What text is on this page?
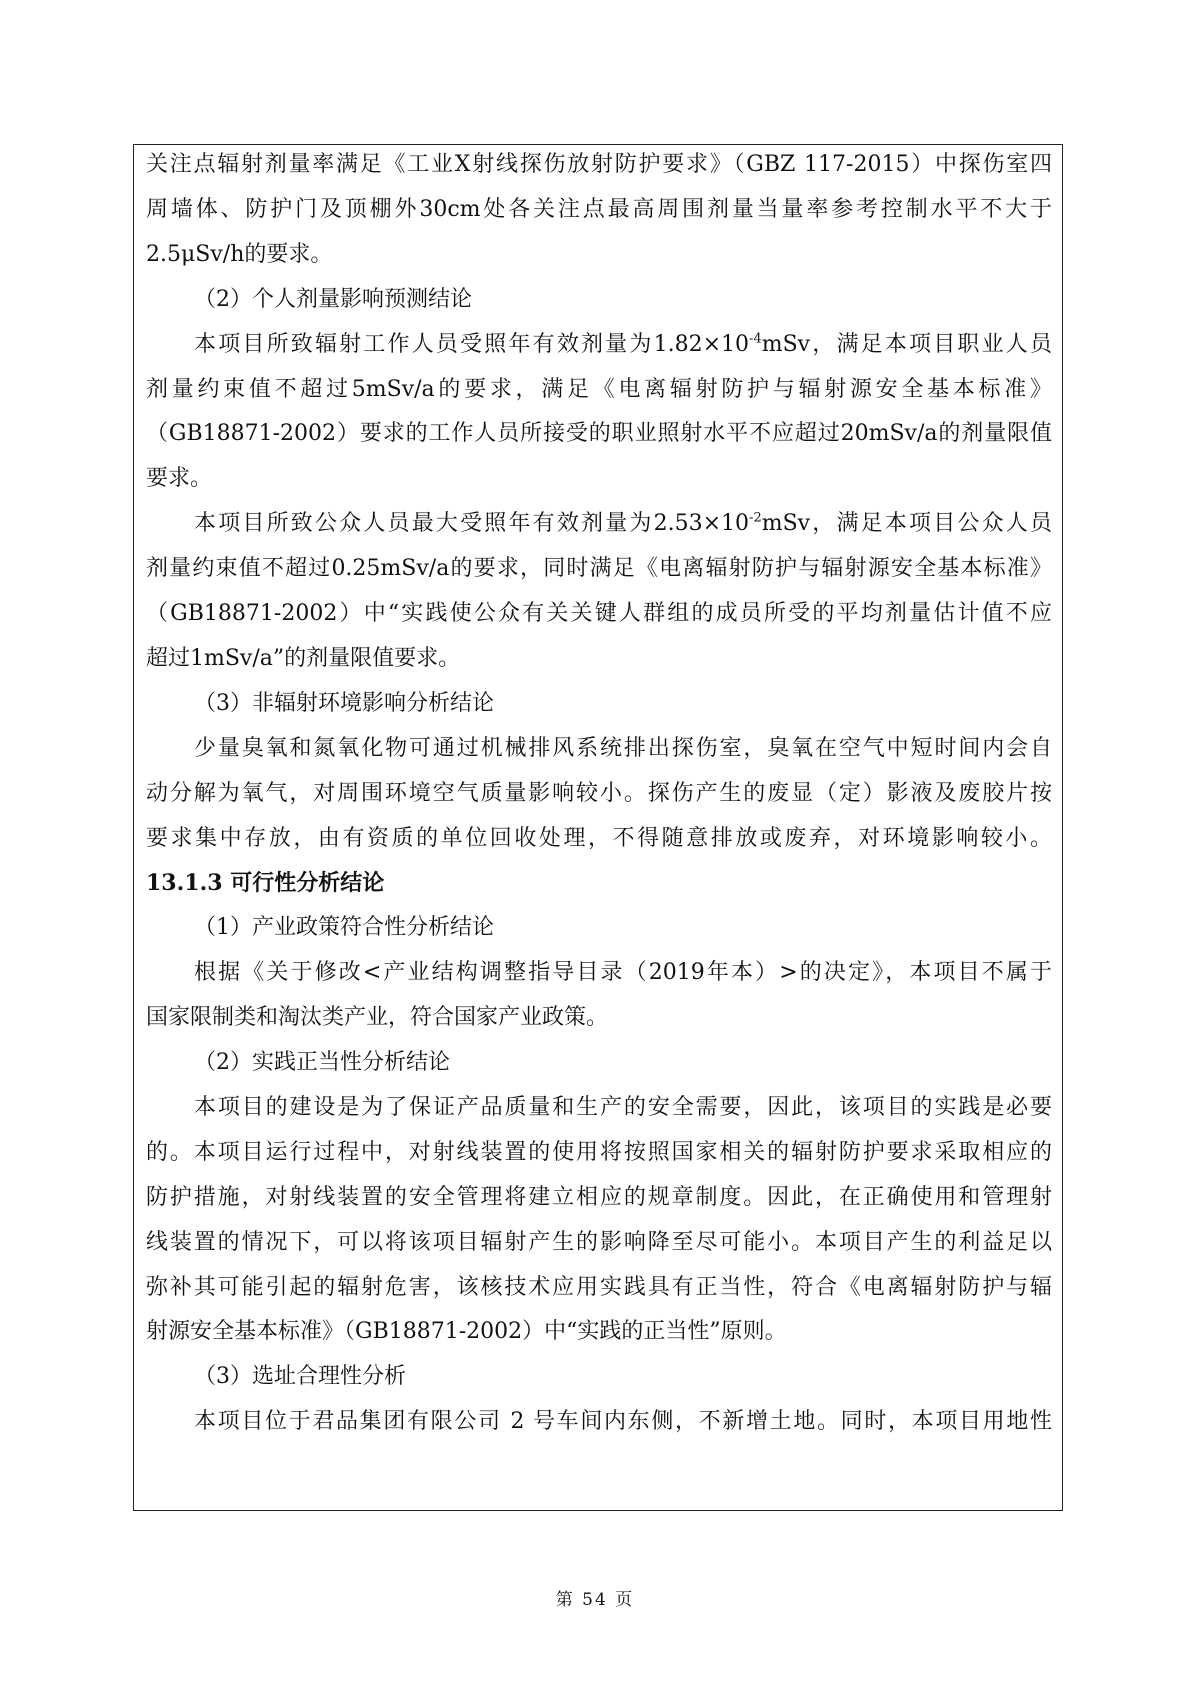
关注点辐射剂量率满足《工业X射线探伤放射防护要求》（GBZ 117-2015）中探伤室四
周墙体、防护门及顶棚外30cm处各关注点最高周围剂量当量率参考控制水平不大于
2.5μSv/h的要求。
（2）个人剂量影响预测结论
本项目所致辐射工作人员受照年有效剂量为$1.82\times 10^{-4}mSv$，满足本项目职业人员
剂量约束值不超过5mSv/a的要求，满足《电离辐射防护与辐射源安全基本标准》
（GB18871-2002）要求的工作人员所接受的职业照射水平不应超过20mSv/a的剂量限值
要求。
本项目所致公众人员最大受照年有效剂量为$2.53\times 10^{-2}mSv$，满足本项目公众人员
剂量约束值不超过0.25mSv/a的要求，同时满足《电离辐射防护与辐射源安全基本标准》
（GB18871-2002）中“实践使公众有关关键人群组的成员所受的平均剂量估计值不应
超过1mSv/a”的剂量限值要求。
（3）非辐射环境影响分析结论
少量臭氧和氮氧化物可通过机械排风系统排出探伤室，臭氧在空气中短时间内会自
动分解为氧气，对周围环境空气质量影响较小。探伤产生的废显（定）影液及废胶片按
要求集中存放，由有资质的单位回收处理，不得随意排放或废弃，对环境影响较小。
13.1.3 可行性分析结论
（1）产业政策符合性分析结论
根据《关于修改<产业结构调整指导目录（2019年本）>的决定》，本项目不属于
国家限制类和淘汰类产业，符合国家产业政策。
（2）实践正当性分析结论
本项目的建设是为了保证产品质量和生产的安全需要，因此，该项目的实践是必要
的。本项目运行过程中，对射线装置的使用将按照国家相关的辐射防护要求采取相应的
防护措施，对射线装置的安全管理将建立相应的规章制度。因此，在正确使用和管理射
线装置的情况下，可以将该项目辐射产生的影响降至尽可能小。本项目产生的利益足以
弥补其可能引起的辐射危害，该核技术应用实践具有正当性，符合《电离辐射防护与辐
射源安全基本标准》（GB18871-2002）中“实践的正当性”原则。
（3）选址合理性分析
本项目位于君品集团有限公司 2 号车间内东侧，不新增土地。同时，本项目用地性
第 54 页
